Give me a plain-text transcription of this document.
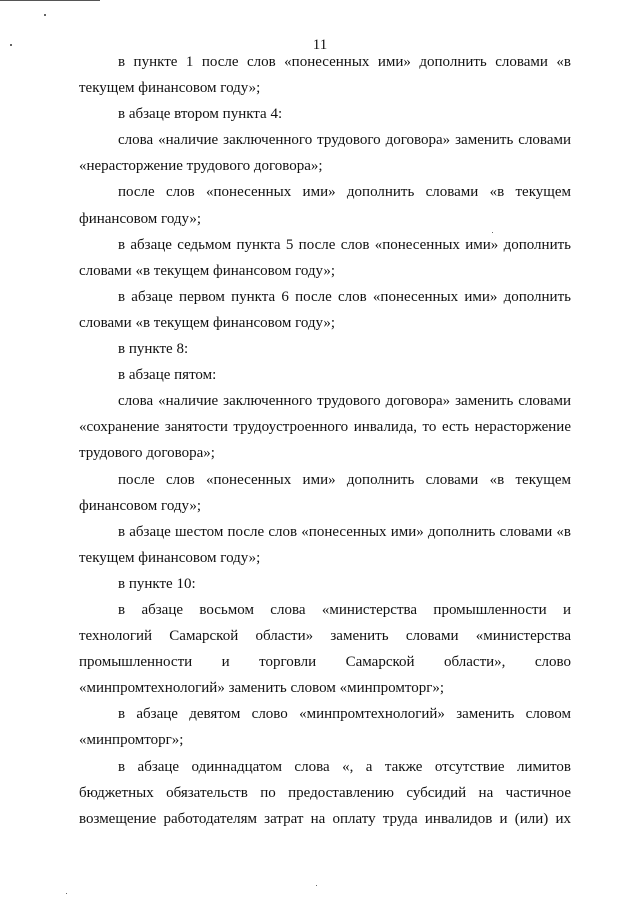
11

в пункте 1 после слов «понесенных ими» дополнить словами «в текущем финансовом году»;

в абзаце втором пункта 4:

слова «наличие заключенного трудового договора» заменить словами «нерасторжение трудового договора»;

после слов «понесенных ими» дополнить словами «в текущем финансовом году»;

в абзаце седьмом пункта 5 после слов «понесенных ими» дополнить словами «в текущем финансовом году»;

в абзаце первом пункта 6 после слов «понесенных ими» дополнить словами «в текущем финансовом году»;

в пункте 8:

в абзаце пятом:

слова «наличие заключенного трудового договора» заменить словами «сохранение занятости трудоустроенного инвалида, то есть нерасторжение трудового договора»;

после слов «понесенных ими» дополнить словами «в текущем финансовом году»;

в абзаце шестом после слов «понесенных ими» дополнить словами «в текущем финансовом году»;

в пункте 10:

в абзаце восьмом слова «министерства промышленности и технологий Самарской области» заменить словами «министерства промышленности и торговли Самарской области», слово «минпромтехнологий» заменить словом «минпромторг»;

в абзаце девятом слово «минпромтехнологий» заменить словом «минпромторг»;

в абзаце одиннадцатом слова «, а также отсутствие лимитов бюджетных обязательств по предоставлению субсидий на частичное возмещение работодателям затрат на оплату труда инвалидов и (или) их
